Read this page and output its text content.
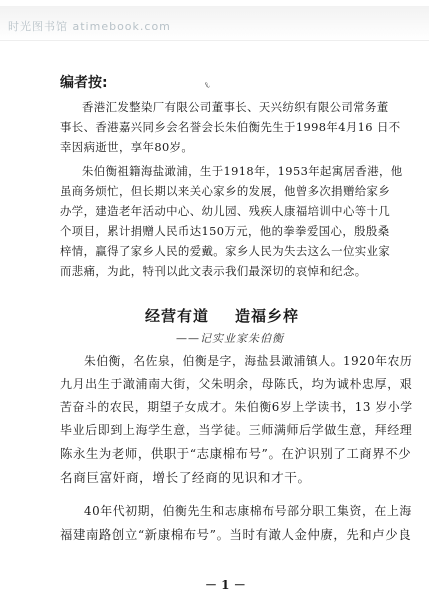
时光图书馆 atimebook.com
编者按:	ℓ
香港汇发整染厂有限公司董事长、天兴纺织有限公司常务董
事长、香港嘉兴同乡会名誉会长朱伯衡先生于1998年4月16 日不
幸因病逝世，享年80岁。
朱伯衡祖籍海盐澉浦，生于1918年，1953年起寓居香港，他
虽商务烦忙，但长期以来关心家乡的发展，他曾多次捐赠给家乡
办学，建造老年活动中心、幼儿园、残疾人康福培训中心等十几
个项目，累计捐赠人民币达150万元，他的拳拳爱国心，殷殷桑
梓情，赢得了家乡人民的爱戴。家乡人民为失去这么一位实业家
而悲痛，为此，特刊以此文表示我们最深切的哀悼和纪念。
经营有道 造福乡梓
——记实业家朱伯衡
朱伯衡，名佐泉，伯衡是字，海盐县澉浦镇人。1920年农历
九月出生于澉浦南大街，父朱明余，母陈氏，均为诚朴忠厚，艰
苦奋斗的农民，期望子女成才。朱伯衡6岁上学读书，13 岁小学
毕业后即到上海学生意，当学徒。三师满师后学做生意，拜经理
陈永生为老师，供职于“志康棉布号”。在沪识别了工商界不少
名商巨富奸商，增长了经商的见识和才干。
40年代初期，伯衡先生和志康棉布号部分职工集资，在上海
福建南路创立“新康棉布号”。当时有澉人金仲赓，先和卢少良
－ 1 －
